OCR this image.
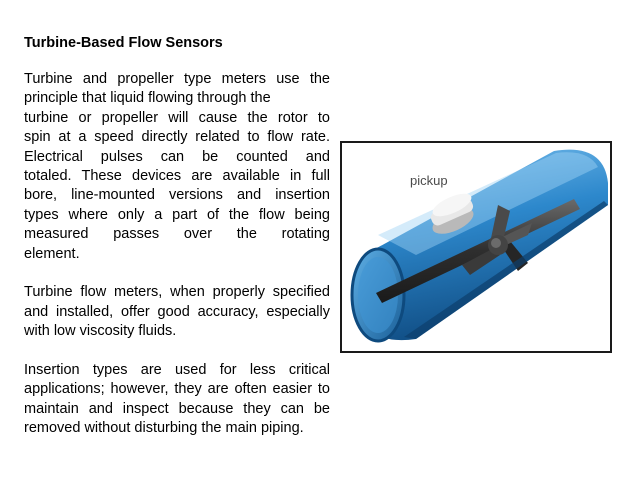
Turbine-Based Flow Sensors

Turbine and propeller type meters use the
principle that liquid flowing through the
turbine or propeller will cause the rotor to
spin at a speed directly related to flow rate.
Electrical pulses can be counted and
totaled. These devices are available in full
bore, line-mounted versions and insertion
types where only a part of the flow being
measured passes over the rotating
element.

Turbine flow meters, when properly specified and installed, offer good accuracy, especially with low viscosity fluids.

Insertion types are used for less critical applications; however, they are often easier to maintain and inspect because they can be removed without disturbing the main piping.

pickup
